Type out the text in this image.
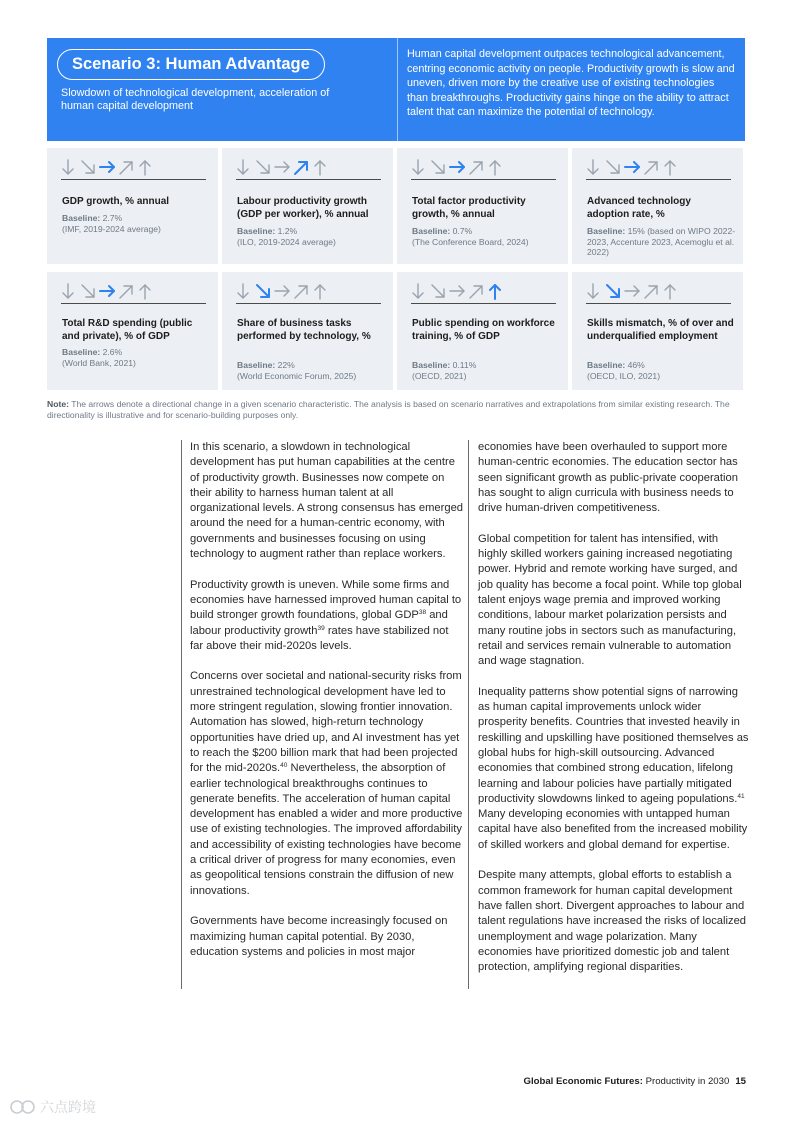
Scenario 3: Human Advantage
Slowdown of technological development, acceleration of human capital development
Human capital development outpaces technological advancement, centring economic activity on people. Productivity growth is slow and uneven, driven more by the creative use of existing technologies than breakthroughs. Productivity gains hinge on the ability to attract talent that can maximize the potential of technology.
GDP growth, % annual
Baseline: 2.7%
(IMF, 2019-2024 average)
Labour productivity growth (GDP per worker), % annual
Baseline: 1.2%
(ILO, 2019-2024 average)
Total factor productivity growth, % annual
Baseline: 0.7%
(The Conference Board, 2024)
Advanced technology adoption rate, %
Baseline: 15% (based on WIPO 2022-2023, Accenture 2023, Acemoglu et al. 2022)
Total R&D spending (public and private), % of GDP
Baseline: 2.6%
(World Bank, 2021)
Share of business tasks performed by technology, %
Baseline: 22%
(World Economic Forum, 2025)
Public spending on workforce training, % of GDP
Baseline: 0.11%
(OECD, 2021)
Skills mismatch, % of over and underqualified employment
Baseline: 46%
(OECD, ILO, 2021)
Note: The arrows denote a directional change in a given scenario characteristic. The analysis is based on scenario narratives and extrapolations from similar existing research. The directionality is illustrative and for scenario-building purposes only.

In this scenario, a slowdown in technological development has put human capabilities at the centre of productivity growth. Businesses now compete on their ability to harness human talent at all organizational levels. A strong consensus has emerged around the need for a human-centric economy, with governments and businesses focusing on using technology to augment rather than replace workers.

Productivity growth is uneven. While some firms and economies have harnessed improved human capital to build stronger growth foundations, global GDP$^{38}$ and labour productivity growth$^{39}$ rates have stabilized not far above their mid-2020s levels.

Concerns over societal and national-security risks from unrestrained technological development have led to more stringent regulation, slowing frontier innovation. Automation has slowed, high-return technology opportunities have dried up, and AI investment has yet to reach the $200 billion mark that had been projected for the mid-2020s.$^{40}$ Nevertheless, the absorption of earlier technological breakthroughs continues to generate benefits. The acceleration of human capital development has enabled a wider and more productive use of existing technologies. The improved affordability and accessibility of existing technologies have become a critical driver of progress for many economies, even as geopolitical tensions constrain the diffusion of new innovations.

Governments have become increasingly focused on maximizing human capital potential. By 2030, education systems and policies in most major

economies have been overhauled to support more human-centric economies. The education sector has seen significant growth as public-private cooperation has sought to align curricula with business needs to drive human-driven competitiveness.

Global competition for talent has intensified, with highly skilled workers gaining increased negotiating power. Hybrid and remote working have surged, and job quality has become a focal point. While top global talent enjoys wage premia and improved working conditions, labour market polarization persists and many routine jobs in sectors such as manufacturing, retail and services remain vulnerable to automation and wage stagnation.

Inequality patterns show potential signs of narrowing as human capital improvements unlock wider prosperity benefits. Countries that invested heavily in reskilling and upskilling have positioned themselves as global hubs for high-skill outsourcing. Advanced economies that combined strong education, lifelong learning and labour policies have partially mitigated productivity slowdowns linked to ageing populations.$^{41}$ Many developing economies with untapped human capital have also benefited from the increased mobility of skilled workers and global demand for expertise.

Despite many attempts, global efforts to establish a common framework for human capital development have fallen short. Divergent approaches to labour and talent regulations have increased the risks of localized unemployment and wage polarization. Many economies have prioritized domestic job and talent protection, amplifying regional disparities.

Global Economic Futures: Productivity in 2030 15
六点跨境
